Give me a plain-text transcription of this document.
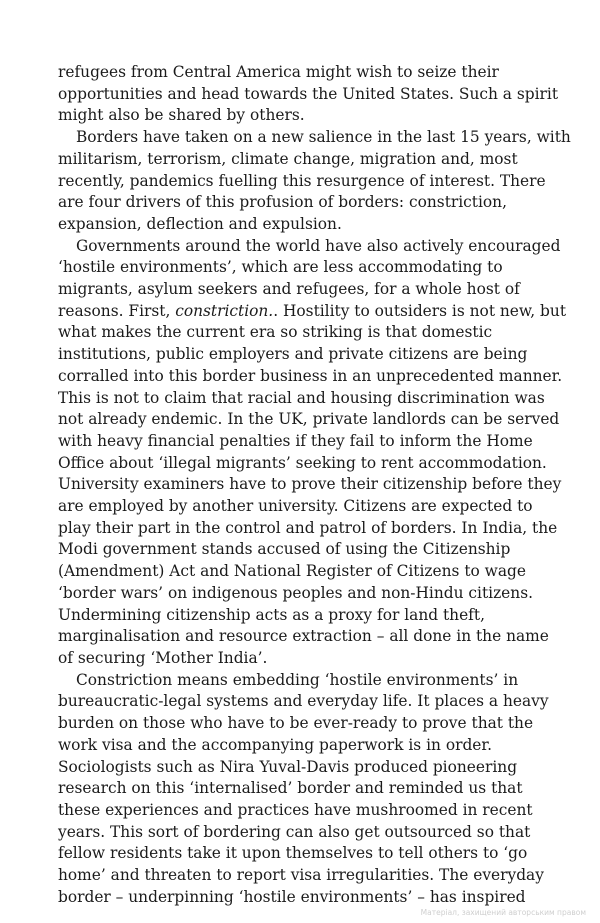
refugees from Central America might wish to seize their
opportunities and head towards the United States. Such a spirit
might also be shared by others.
Borders have taken on a new salience in the last 15 years, with
militarism, terrorism, climate change, migration and, most
recently, pandemics fuelling this resurgence of interest. There
are four drivers of this profusion of borders: constriction,
expansion, deflection and expulsion.
Governments around the world have also actively encouraged
‘hostile environments’, which are less accommodating to
migrants, asylum seekers and refugees, for a whole host of
reasons. First, constriction.. Hostility to outsiders is not new, but
what makes the current era so striking is that domestic
institutions, public employers and private citizens are being
corralled into this border business in an unprecedented manner.
This is not to claim that racial and housing discrimination was
not already endemic. In the UK, private landlords can be served
with heavy financial penalties if they fail to inform the Home
Office about ‘illegal migrants’ seeking to rent accommodation.
University examiners have to prove their citizenship before they
are employed by another university. Citizens are expected to
play their part in the control and patrol of borders. In India, the
Modi government stands accused of using the Citizenship
(Amendment) Act and National Register of Citizens to wage
‘border wars’ on indigenous peoples and non-Hindu citizens.
Undermining citizenship acts as a proxy for land theft,
marginalisation and resource extraction – all done in the name
of securing ‘Mother India’.
Constriction means embedding ‘hostile environments’ in
bureaucratic-legal systems and everyday life. It places a heavy
burden on those who have to be ever-ready to prove that the
work visa and the accompanying paperwork is in order.
Sociologists such as Nira Yuval-Davis produced pioneering
research on this ‘internalised’ border and reminded us that
these experiences and practices have mushroomed in recent
years. This sort of bordering can also get outsourced so that
fellow residents take it upon themselves to tell others to ‘go
home’ and threaten to report visa irregularities. The everyday
border – underpinning ‘hostile environments’ – has inspired
Матеріал, захищений авторським правом
